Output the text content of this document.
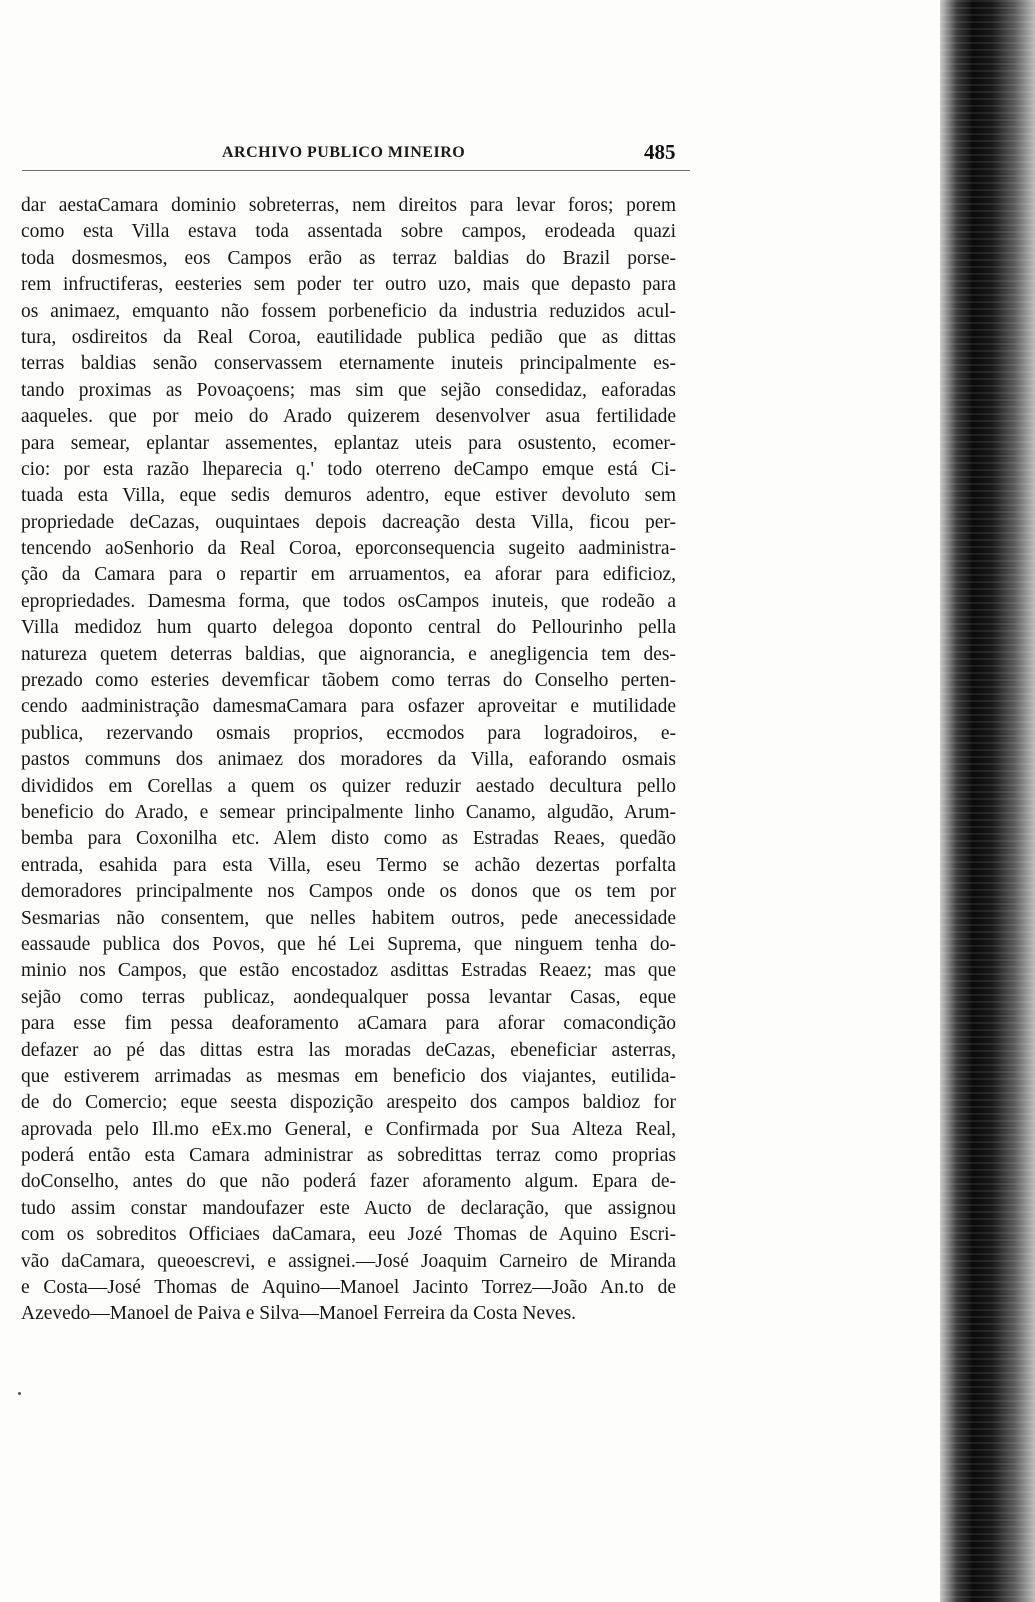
ARCHIVO PUBLICO MINEIRO	485
dar aestaCamara dominio sobreterras, nem direitos para levar foros; porem
como esta Villa estava toda assentada sobre campos, erodeada quazi
toda dosmesmos, eos Campos erão as terraz baldias do Brazil porse-
rem infructiferas, eesteries sem poder ter outro uzo, mais que depasto para
os animaez, emquanto não fossem porbeneficio da industria reduzidos acul-
tura, osdireitos da Real Coroa, eautilidade publica pedião que as dittas
terras baldias senão conservassem eternamente inuteis principalmente es-
tando proximas as Povoaçoens; mas sim que sejão consedidaz, eaforadas
aaqueles. que por meio do Arado quizerem desenvolver asua fertilidade
para semear, eplantar assementes, eplantaz uteis para osustento, ecomer-
cio: por esta razão lheparecia q.' todo oterreno deCampo emque está Ci-
tuada esta Villa, eque sedis demuros adentro, eque estiver devoluto sem
propriedade deCazas, ouquintaes depois dacreação desta Villa, ficou per-
tencendo aoSenhorio da Real Coroa, eporconsequencia sugeito aadministra-
ção da Camara para o repartir em arruamentos, ea aforar para edificioz,
epropriedades. Damesma forma, que todos osCampos inuteis, que rodeão a
Villa medidoz hum quarto delegoa doponto central do Pellourinho pella
natureza quetem deterras baldias, que aignorancia, e anegligencia tem des-
prezado como esteries devemficar tãobem como terras do Conselho perten-
cendo aadministração damesmaCamara para osfazer aproveitar e mutilidade
publica, rezervando osmais proprios, eccmodos para logradoiros, e-
pastos communs dos animaez dos moradores da Villa, eaforando osmais
divididos em Corellas a quem os quizer reduzir aestado decultura pello
beneficio do Arado, e semear principalmente linho Canamo, algudão, Arum-
bemba para Coxonilha etc. Alem disto como as Estradas Reaes, quedão
entrada, esahida para esta Villa, eseu Termo se achão dezertas porfalta
demoradores principalmente nos Campos onde os donos que os tem por
Sesmarias não consentem, que nelles habitem outros, pede anecessidade
eassaude publica dos Povos, que hé Lei Suprema, que ninguem tenha do-
minio nos Campos, que estão encostadoz asdittas Estradas Reaez; mas que
sejão como terras publicaz, aondequalquer possa levantar Casas, eque
para esse fim pessa deaforamento aCamara para aforar comacondição
defazer ao pé das dittas estra las moradas deCazas, ebeneficiar asterras,
que estiverem arrimadas as mesmas em beneficio dos viajantes, eutilida-
de do Comercio; eque seesta dispozição arespeito dos campos baldioz for
aprovada pelo Ill.mo eEx.mo General, e Confirmada por Sua Alteza Real,
poderá então esta Camara administrar as sobredittas terraz como proprias
doConselho, antes do que não poderá fazer aforamento algum. Epara de-
tudo assim constar mandoufazer este Aucto de declaração, que assignou
com os sobreditos Officiaes daCamara, eeu Jozé Thomas de Aquino Escri-
vão daCamara, queoescrevi, e assignei.—José Joaquim Carneiro de Miranda
e Costa—José Thomas de Aquino—Manoel Jacinto Torrez—João An.to de
Azevedo—Manoel de Paiva e Silva—Manoel Ferreira da Costa Neves.
